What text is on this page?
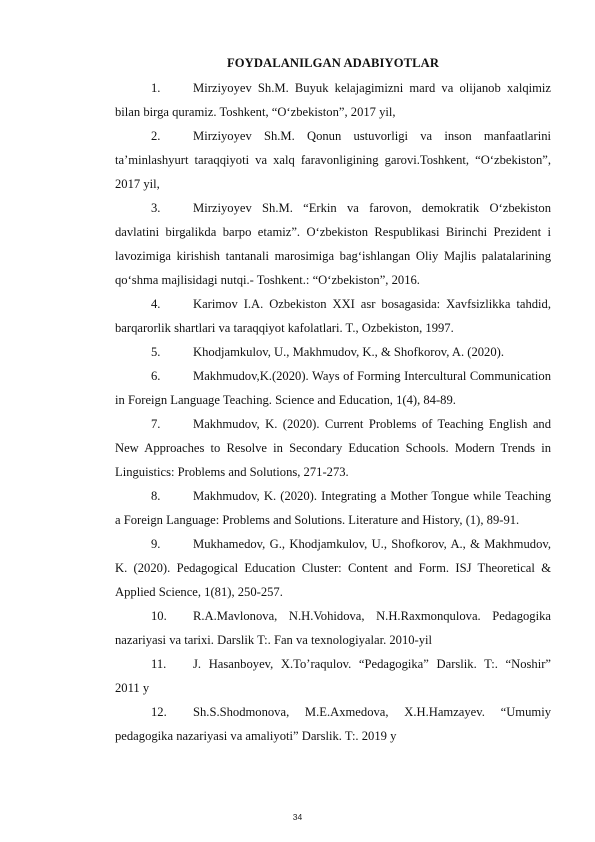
FOYDALANILGAN ADABIYOTLAR

1.	Mirziyoyev Sh.M. Buyuk kelajagimizni mard va olijanob xalqimiz bilan birga quramiz. Toshkent, “O‘zbekiston”, 2017 yil,

2.	Mirziyoyev Sh.M. Qonun ustuvorligi va inson manfaatlarini ta’minlashyurt taraqqiyoti va xalq faravonligining garovi.Toshkent, “O‘zbekiston”, 2017 yil,

3.	Mirziyoyev Sh.M. “Erkin va farovon, demokratik O‘zbekiston davlatini birgalikda barpo etamiz”. O‘zbekiston Respublikasi Birinchi Prezident i lavozimiga kirishish tantanali marosimiga bag‘ishlangan Oliy Majlis palatalarining qo‘shma majlisidagi nutqi.- Toshkent.: “O‘zbekiston”, 2016.

4.	Karimov I.A. Ozbekiston XXI asr bosagasida: Xavfsizlikka tahdid, barqarorlik shartlari va taraqqiyot kafolatlari. T., Ozbekiston, 1997.

5.	Khodjamkulov, U., Makhmudov, K., & Shofkorov, A. (2020).

6.	Makhmudov,K.(2020). Ways of Forming Intercultural Communication in Foreign Language Teaching. Science and Education, 1(4), 84-89.

7.	Makhmudov, K. (2020). Current Problems of Teaching English and New Approaches to Resolve in Secondary Education Schools. Modern Trends in Linguistics: Problems and Solutions, 271-273.

8.	Makhmudov, K. (2020). Integrating a Mother Tongue while Teaching a Foreign Language: Problems and Solutions. Literature and History, (1), 89-91.

9.	Mukhamedov, G., Khodjamkulov, U., Shofkorov, A., & Makhmudov, K. (2020). Pedagogical Education Cluster: Content and Form. ISJ Theoretical & Applied Science, 1(81), 250-257.

10. R.A.Mavlonova, N.H.Vohidova, N.H.Raxmonqulova. Pedagogika nazariyasi va tarixi. Darslik T:. Fan va texnologiyalar. 2010-yil

11. J. Hasanboyev, X.To’raqulov. “Pedagogika” Darslik. T:. “Noshir” 2011 y

12. Sh.S.Shodmonova, M.E.Axmedova, X.H.Hamzayev. “Umumiy pedagogika nazariyasi va amaliyoti” Darslik. T:. 2019 y

34
